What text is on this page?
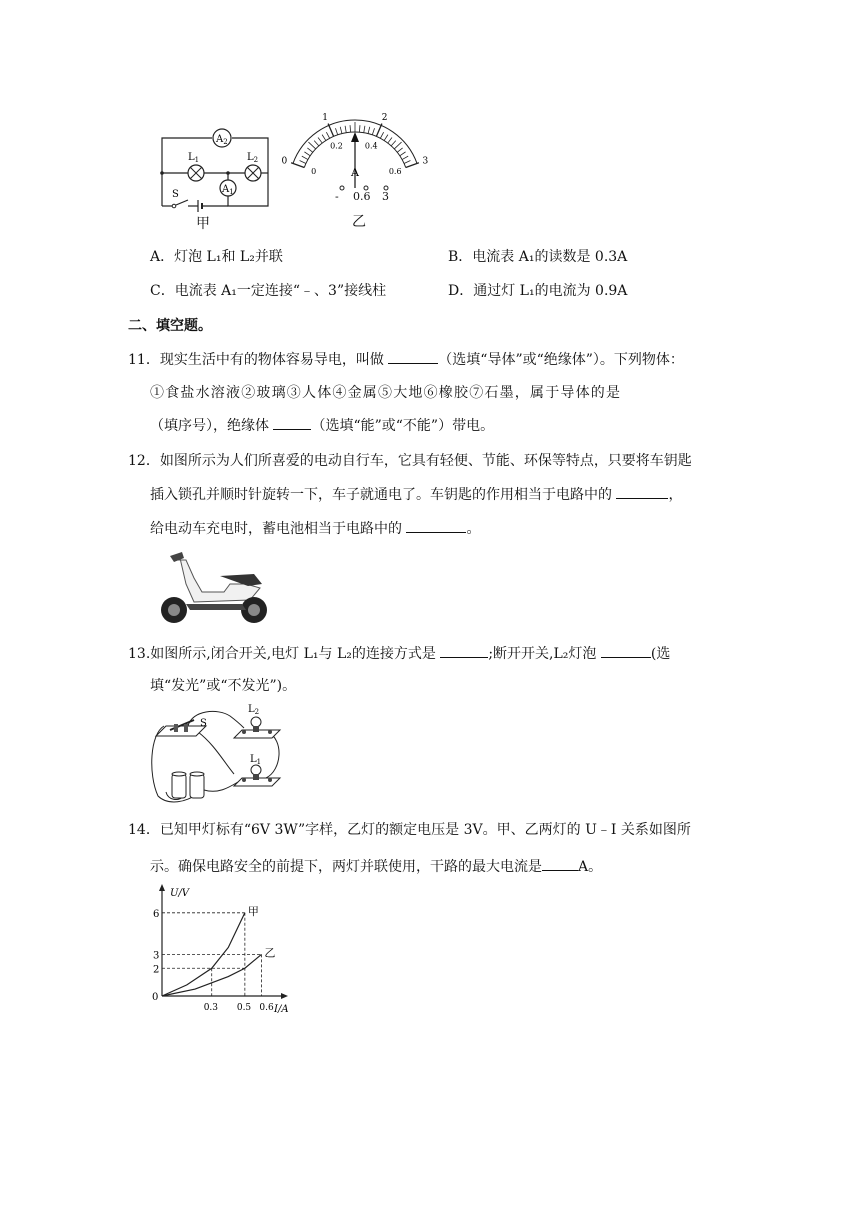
$A_2$
$L_1$	$L_2$
$A_1$
S
甲
0
1	2
3
0
0.2	0.4
0.6
A
- 0.6 3
乙
A．灯泡 L₁和 L₂并联	B．电流表 A₁的读数是 0.3A
C．电流表 A₁一定连接“﹣、3”接线柱	D．通过灯 L₁的电流为 0.9A
二、填空题。
11．现实生活中有的物体容易导电，叫做	（选填“导体”或“绝缘体”）。下列物体：
①食盐水溶液②玻璃③人体④金属⑤大地⑥橡胶⑦石墨，属于导体的是
（填序号），绝缘体	（选填“能”或“不能”）带电。
12．如图所示为人们所喜爱的电动自行车，它具有轻便、节能、环保等特点，只要将车钥匙
插入锁孔并顺时针旋转一下，车子就通电了。车钥匙的作用相当于电路中的	，
给电动车充电时，蓄电池相当于电路中的	。
13.如图所示,闭合开关,电灯 L₁与 L₂的连接方式是	;断开开关,L₂灯泡	(选
填“发光”或“不发光”)。
S
$L_2$
$L_1$
14．已知甲灯标有“6V 3W”字样，乙灯的额定电压是 3V。甲、乙两灯的 U﹣I 关系如图所
示。确保电路安全的前提下，两灯并联使用，干路的最大电流是	A。
U/V
I/A
0
2
3
6
0.3 0.5 0.6
甲
乙
